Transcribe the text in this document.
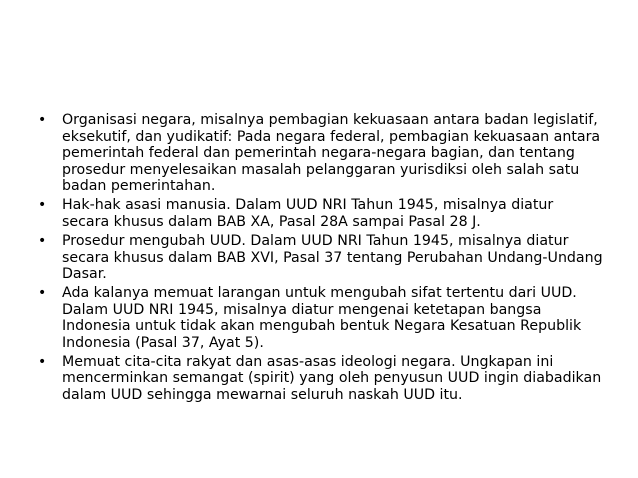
•	Organisasi negara, misalnya pembagian kekuasaan antara badan legislatif, eksekutif, dan yudikatif: Pada negara federal, pembagian kekuasaan antara pemerintah federal dan pemerintah negara-negara bagian, dan tentang prosedur menyelesaikan masalah pelanggaran yurisdiksi oleh salah satu badan pemerintahan.
•	Hak-hak asasi manusia. Dalam UUD NRI Tahun 1945, misalnya diatur secara khusus dalam BAB XA, Pasal 28A sampai Pasal 28 J.
•	Prosedur mengubah UUD. Dalam UUD NRI Tahun 1945, misalnya diatur secara khusus dalam BAB XVI, Pasal 37 tentang Perubahan Undang-Undang Dasar.
•	Ada kalanya memuat larangan untuk mengubah sifat tertentu dari UUD. Dalam UUD NRI 1945, misalnya diatur mengenai ketetapan bangsa Indonesia untuk tidak akan mengubah bentuk Negara Kesatuan Republik Indonesia (Pasal 37, Ayat 5).
•	Memuat cita-cita rakyat dan asas-asas ideologi negara. Ungkapan ini mencerminkan semangat (spirit) yang oleh penyusun UUD ingin diabadikan dalam UUD sehingga mewarnai seluruh naskah UUD itu.
